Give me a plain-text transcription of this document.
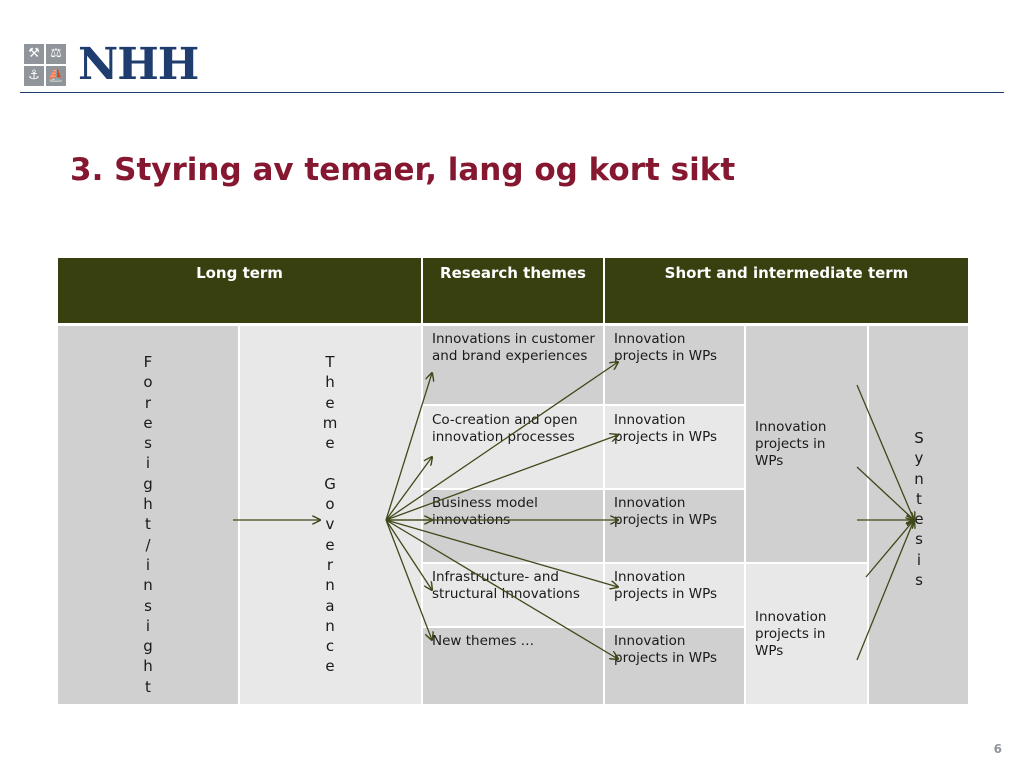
⚒ ⚖
⚓ ⛵ NHH
3. Styring av temaer, lang og kort sikt
Long term	Research themes	Short and intermediate term
F
o
r
e
s
i
g
h
t
/
i
n
s
i
g
h
t
T
h
e
m
e

G
o
v
e
r
n
a
n
c
e
S
y
n
t
e
s
i
s
Innovations in customer and brand experiences
Co-creation and open innovation processes
Business model innovations
Infrastructure- and structural innovations
New themes …
Innovation projects in WPs
Innovation projects in WPs
Innovation projects in WPs
Innovation projects in WPs
Innovation projects in WPs
Innovation projects in WPs
Innovation projects in WPs
6
